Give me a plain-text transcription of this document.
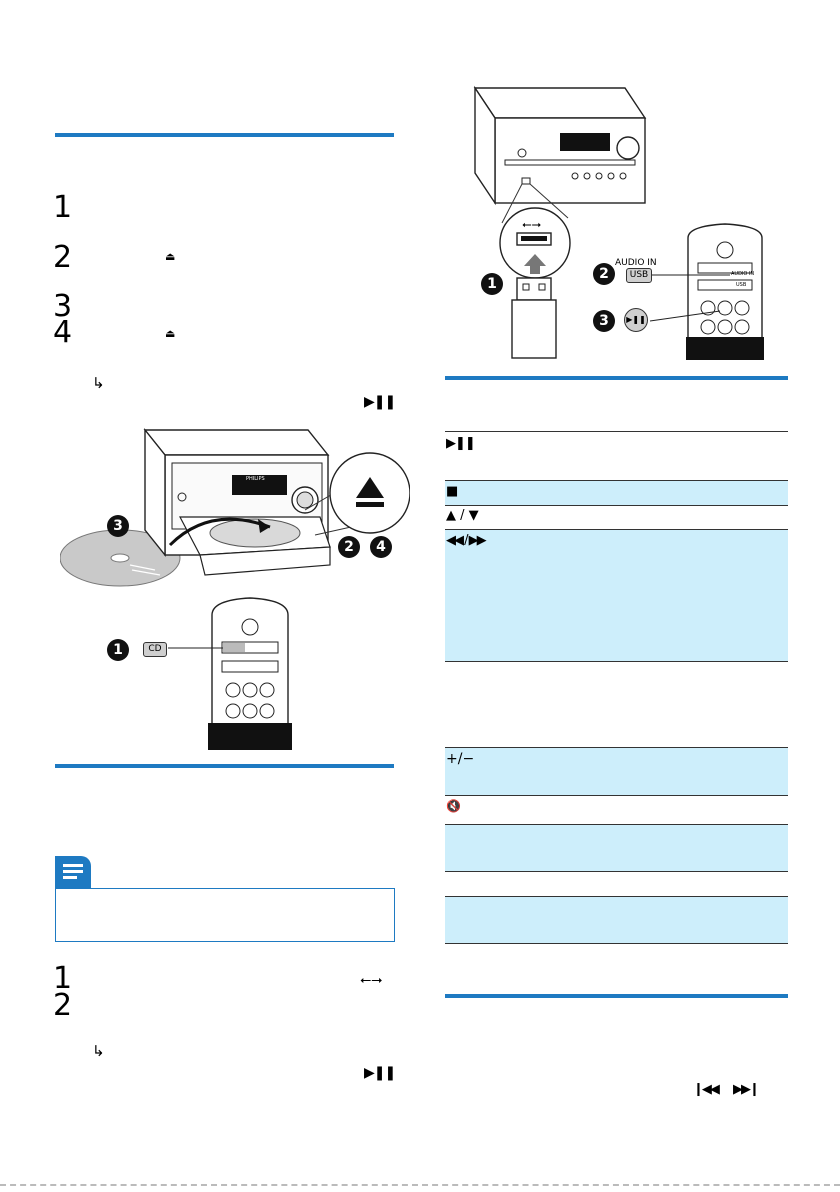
1
2
3
4
⏏
⏏
↳
▶❚❚
PHILIPS
3
2	4
1	CD
1
2
⭠⭢
↳
▶❚❚
⭠⭢
PHILIPS
1
2
3
AUDIO IN
USB	AUDIO IN
USB
▶❚❚
▶❚❚
■
▲ / ▼
◀◀ / ▶▶
+/−
🔇
❙◀◀ ▶▶❙
